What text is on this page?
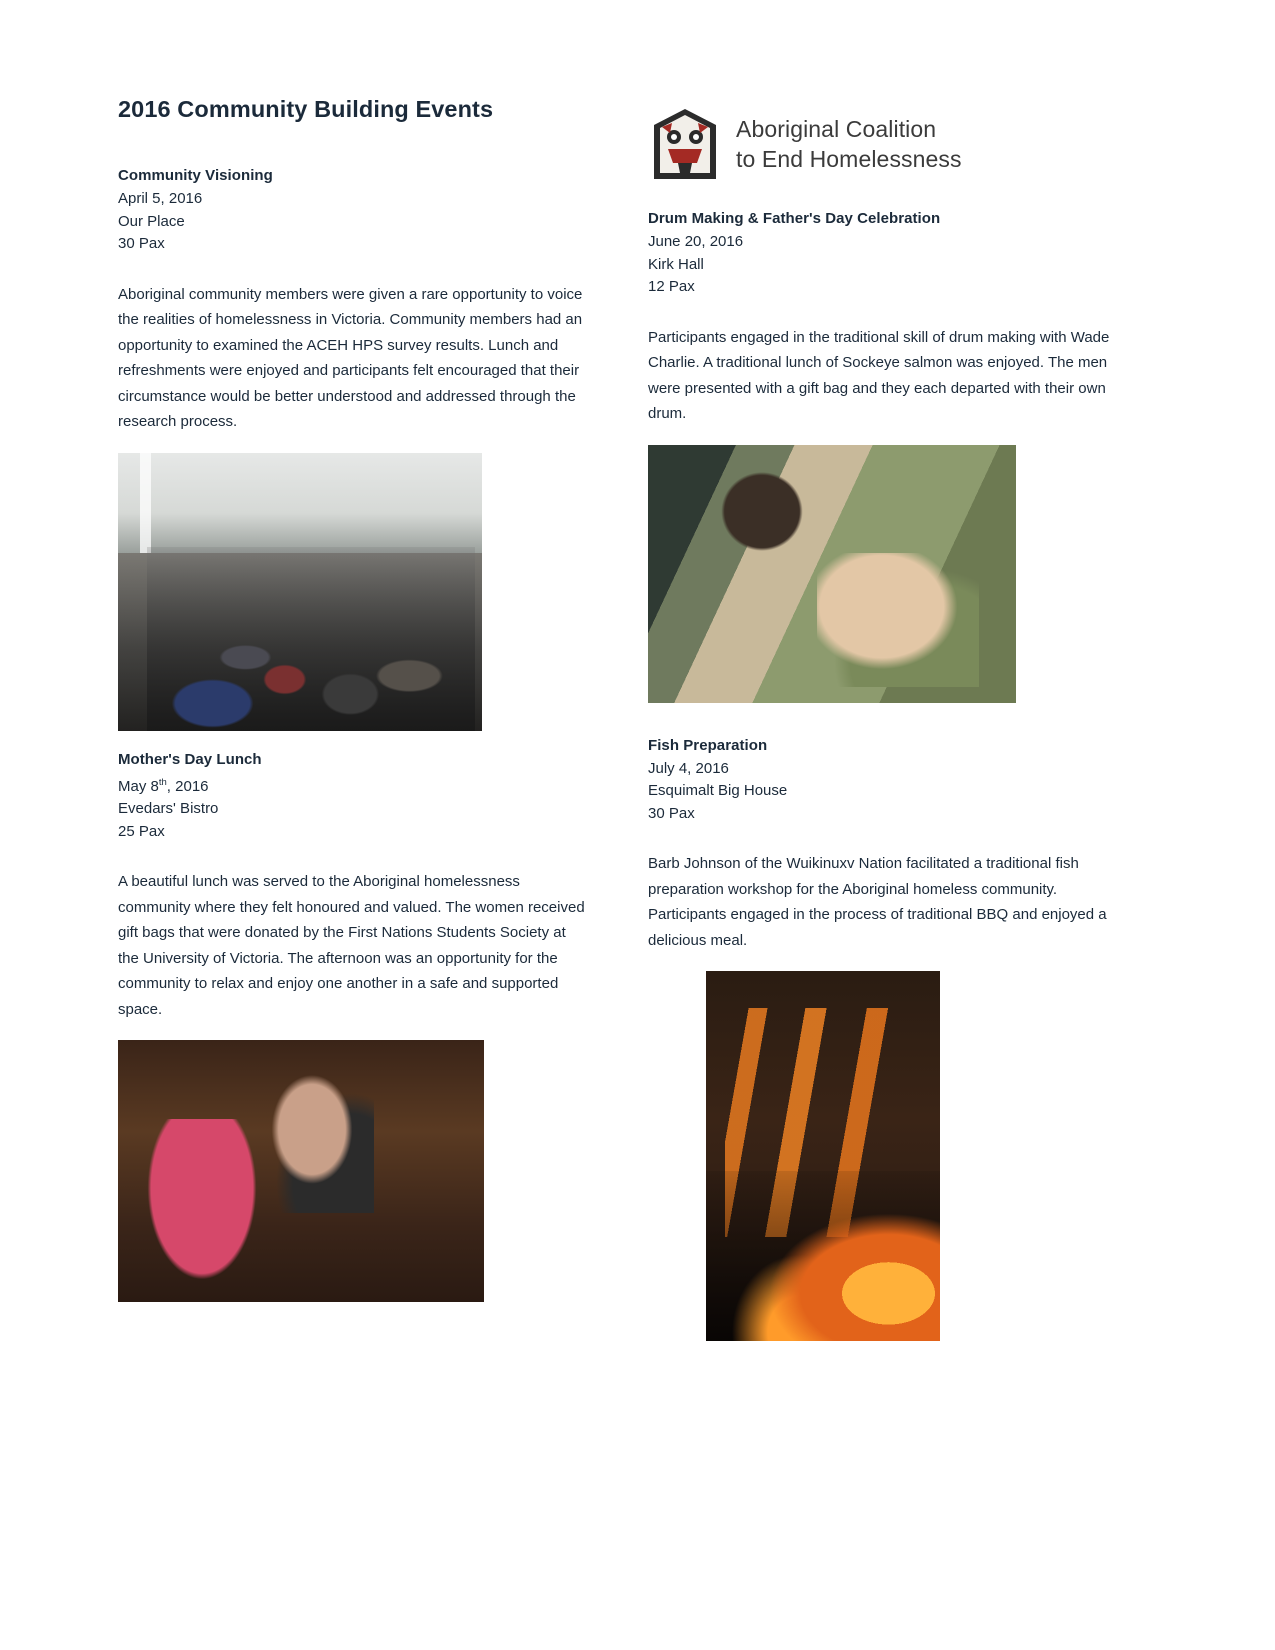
2016 Community Building Events
Community Visioning
April 5, 2016
Our Place
30 Pax

Aboriginal community members were given a rare opportunity to voice the realities of homelessness in Victoria. Community members had an opportunity to examined the ACEH HPS survey results. Lunch and refreshments were enjoyed and participants felt encouraged that their circumstance would be better understood and addressed through the research process.

Mother's Day Lunch
May 8th, 2016
Evedars' Bistro
25 Pax

A beautiful lunch was served to the Aboriginal homelessness community where they felt honoured and valued. The women received gift bags that were donated by the First Nations Students Society at the University of Victoria. The afternoon was an opportunity for the community to relax and enjoy one another in a safe and supported space.

Aboriginal Coalition
to End Homelessness
Drum Making & Father's Day Celebration
June 20, 2016
Kirk Hall
12 Pax

Participants engaged in the traditional skill of drum making with Wade Charlie. A traditional lunch of Sockeye salmon was enjoyed. The men were presented with a gift bag and they each departed with their own drum.

Fish Preparation
July 4, 2016
Esquimalt Big House
30 Pax

Barb Johnson of the Wuikinuxv Nation facilitated a traditional fish preparation workshop for the Aboriginal homeless community. Participants engaged in the process of traditional BBQ and enjoyed a delicious meal.
